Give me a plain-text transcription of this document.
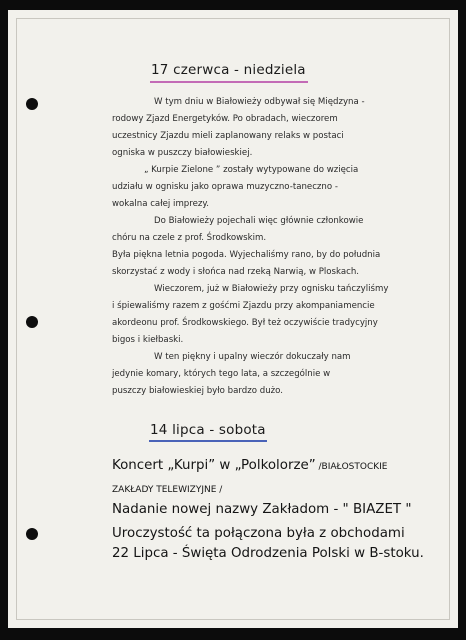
17 czerwca - niedziela
W tym dniu w Białowieży odbywał się Międzyna -
rodowy Zjazd Energetyków. Po obradach, wieczorem
uczestnicy Zjazdu mieli zaplanowany relaks w postaci
ogniska w puszczy białowieskiej.
„ Kurpie Zielone ” zostały wytypowane do wzięcia
udziału w ognisku jako oprawa muzyczno-taneczno -
wokalna całej imprezy.
Do Białowieży pojechali więc głównie członkowie
chóru na czele z prof. Środkowskim.
Była piękna letnia pogoda. Wyjechaliśmy rano, by do południa
skorzystać z wody i słońca nad rzeką Narwią, w Ploskach.
Wieczorem, już w Białowieży przy ognisku tańczyliśmy
i śpiewaliśmy razem z gośćmi Zjazdu przy akompaniamencie
akordeonu prof. Środkowskiego. Był też oczywiście tradycyjny
bigos i kiełbaski.
W ten piękny i upalny wieczór dokuczały nam
jedynie komary, których tego lata, a szczególnie w
puszczy białowieskiej było bardzo dużo.
14 lipca - sobota
Koncert „Kurpi” w „Polkolorze” /BIAŁOSTOCKIE
ZAKŁADY TELEWIZYJNE /
Nadanie nowej nazwy Zakładom - " BIAZET "
Uroczystość ta połączona była z obchodami
22 Lipca - Święta Odrodzenia Polski w B-stoku.
